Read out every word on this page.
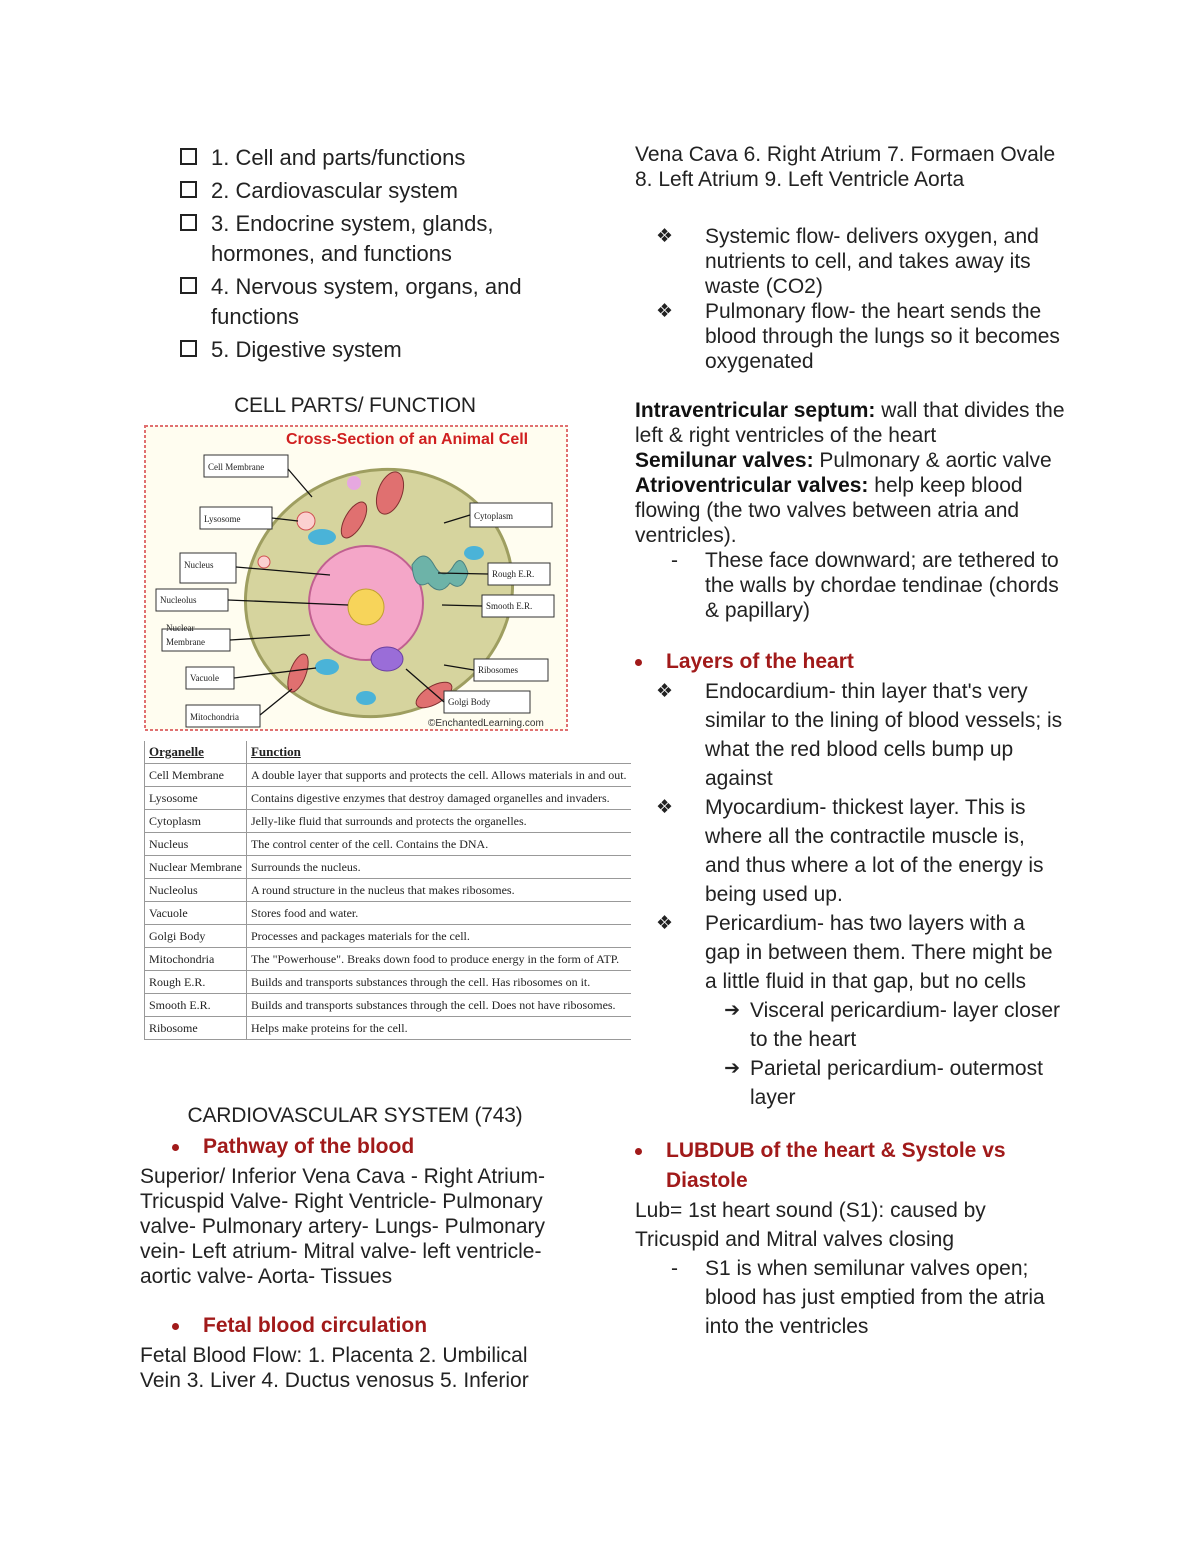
1. Cell and parts/functions
2. Cardiovascular system
3. Endocrine system, glands, hormones, and functions
4. Nervous system, organs, and functions
5. Digestive system
CELL PARTS/ FUNCTION
Cross-Section of an Animal Cell
Cell Membrane
Lysosome
Nucleus
Nucleolus
Nuclear
Membrane
Vacuole
Mitochondria
Cytoplasm
Rough E.R.
Smooth E.R.
Ribosomes
Golgi Body
©EnchantedLearning.com
Organelle	Function
Cell Membrane	A double layer that supports and protects the cell. Allows materials in and out.
Lysosome	Contains digestive enzymes that destroy damaged organelles and invaders.
Cytoplasm	Jelly-like fluid that surrounds and protects the organelles.
Nucleus	The control center of the cell. Contains the DNA.
Nuclear Membrane	Surrounds the nucleus.
Nucleolus	A round structure in the nucleus that makes ribosomes.
Vacuole	Stores food and water.
Golgi Body	Processes and packages materials for the cell.
Mitochondria	The "Powerhouse". Breaks down food to produce energy in the form of ATP.
Rough E.R.	Builds and transports substances through the cell. Has ribosomes on it.
Smooth E.R.	Builds and transports substances through the cell. Does not have ribosomes.
Ribosome	Helps make proteins for the cell.
CARDIOVASCULAR SYSTEM (743)
Pathway of the blood
Superior/ Inferior Vena Cava - Right Atrium- Tricuspid Valve- Right Ventricle- Pulmonary valve- Pulmonary artery- Lungs- Pulmonary vein- Left atrium- Mitral valve- left ventricle- aortic valve- Aorta- Tissues
Fetal blood circulation
Fetal Blood Flow: 1. Placenta 2. Umbilical Vein 3. Liver 4. Ductus venosus 5. Inferior
Vena Cava 6. Right Atrium 7. Formaen Ovale 8. Left Atrium 9. Left Ventricle Aorta
❖	Systemic flow- delivers oxygen, and nutrients to cell, and takes away its waste (CO2)
❖	Pulmonary flow- the heart sends the blood through the lungs so it becomes oxygenated
Intraventricular septum: wall that divides the left & right ventricles of the heart
Semilunar valves: Pulmonary & aortic valve
Atrioventricular valves: help keep blood flowing (the two valves between atria and ventricles).
-	These face downward; are tethered to the walls by chordae tendinae (chords & papillary)
Layers of the heart
❖	Endocardium- thin layer that's very similar to the lining of blood vessels; is what the red blood cells bump up against
❖	Myocardium- thickest layer. This is where all the contractile muscle is, and thus where a lot of the energy is being used up.
❖	Pericardium- has two layers with a gap in between them. There might be a little fluid in that gap, but no cells
➔ Visceral pericardium- layer closer to the heart
➔ Parietal pericardium- outermost layer
LUBDUB of the heart & Systole vs Diastole
Lub= 1st heart sound (S1): caused by Tricuspid and Mitral valves closing
-	S1 is when semilunar valves open; blood has just emptied from the atria into the ventricles
